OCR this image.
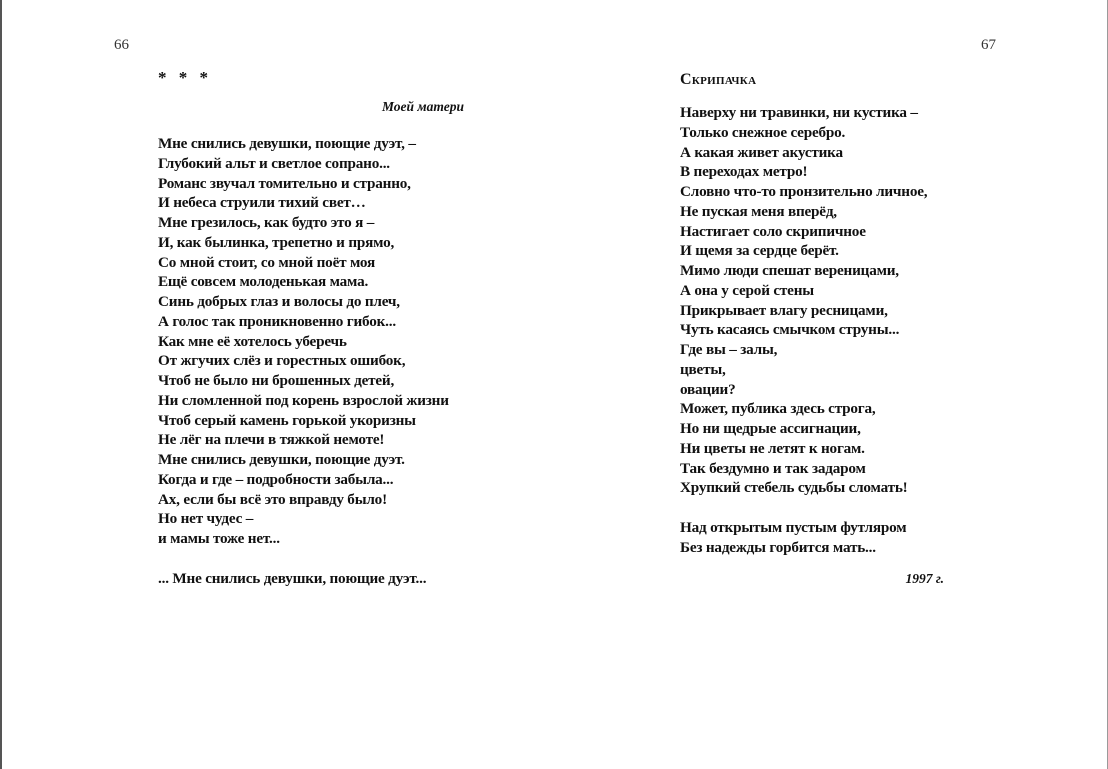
66
* * *
Моей матери
Мне снились девушки, поющие дуэт, –
Глубокий альт и светлое сопрано...
Романс звучал томительно и странно,
И небеса струили тихий свет…
Мне грезилось, как будто это я –
И, как былинка, трепетно и прямо,
Со мной стоит, со мной поёт моя
Ещё совсем молоденькая мама.
Синь добрых глаз и волосы до плеч,
А голос так проникновенно гибок...
Как мне её хотелось уберечь
От жгучих слёз и горестных ошибок,
Чтоб не было ни брошенных детей,
Ни сломленной под корень взрослой жизни
Чтоб серый камень горькой укоризны
Не лёг на плечи в тяжкой немоте!
Мне снились девушки, поющие дуэт.
Когда и где – подробности забыла...
Ах, если бы всё это вправду было!
Но нет чудес –
и мамы тоже нет...
... Мне снились девушки, поющие дуэт...
67
Скрипачка
Наверху ни травинки, ни кустика –
Только снежное серебро.
А какая живет акустика
В переходах метро!
Словно что-то пронзительно личное,
Не пуская меня вперёд,
Настигает соло скрипичное
И щемя за сердце берёт.
Мимо люди спешат вереницами,
А она у серой стены
Прикрывает влагу ресницами,
Чуть касаясь смычком струны...
Где вы – залы,
цветы,
овации?
Может, публика здесь строга,
Но ни щедрые ассигнации,
Ни цветы не летят к ногам.
Так бездумно и так задаром
Хрупкий стебель судьбы сломать!
Над открытым пустым футляром
Без надежды горбится мать...
1997 г.
